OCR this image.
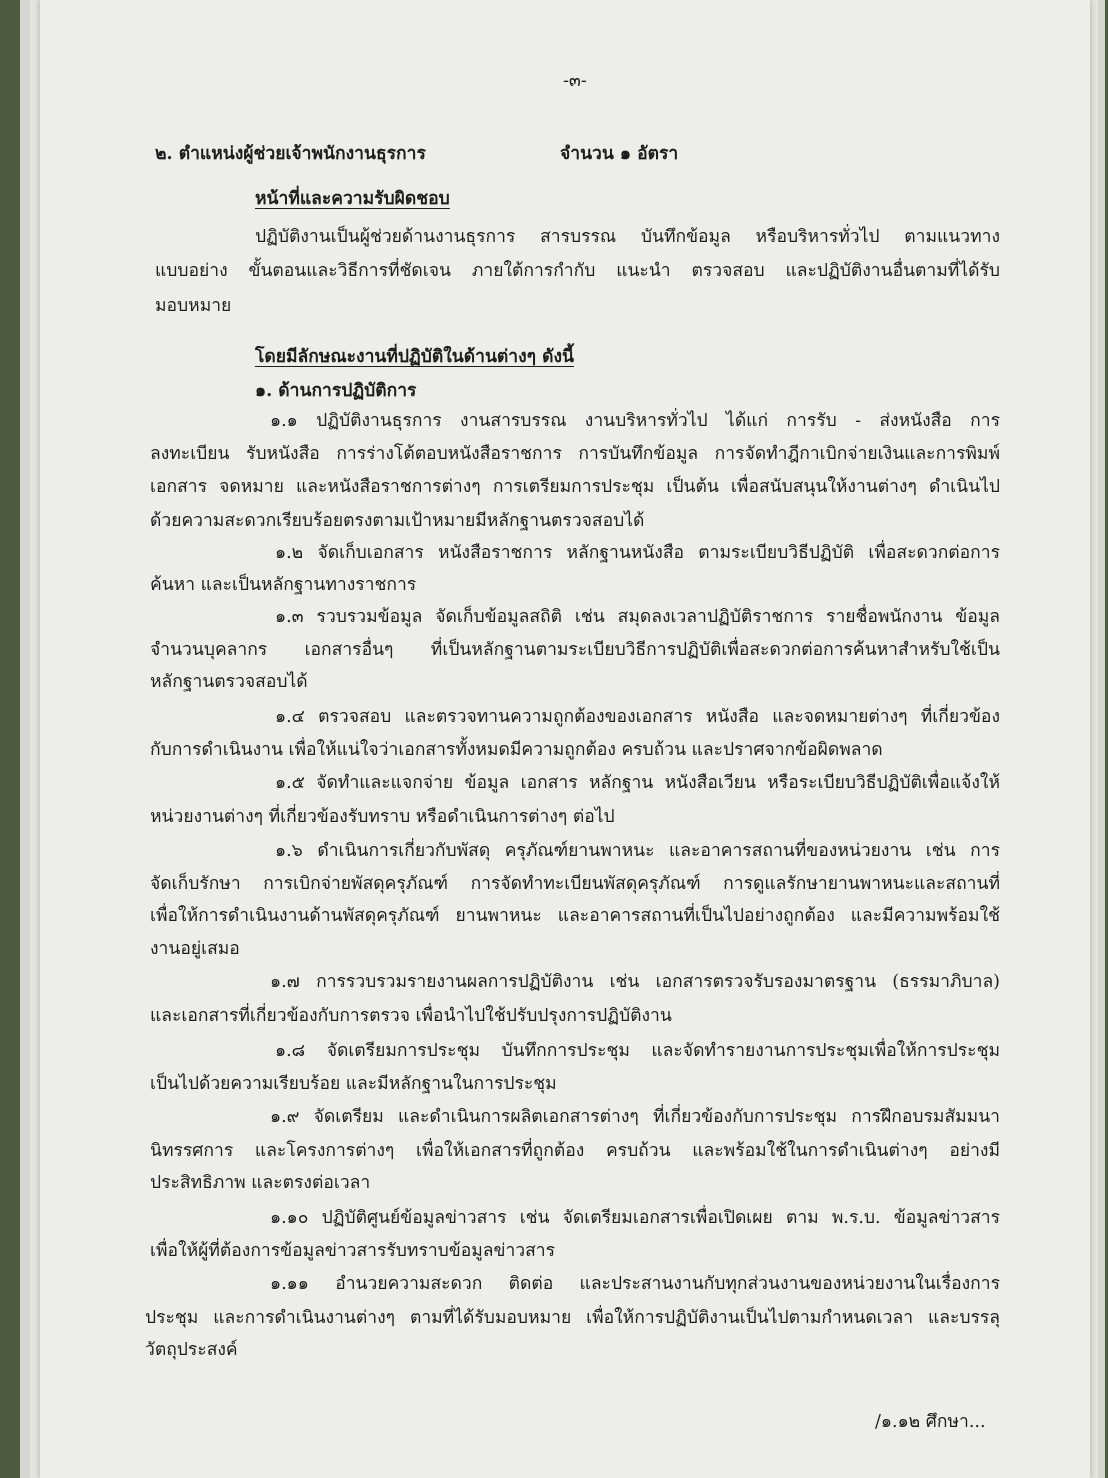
-๓-
๒. ตำแหน่งผู้ช่วยเจ้าพนักงานธุรการ	จำนวน ๑ อัตรา
หน้าที่และความรับผิดชอบ
ปฏิบัติงานเป็นผู้ช่วยด้านงานธุรการ สารบรรณ บันทึกข้อมูล หรือบริหารทั่วไป ตามแนวทาง
แบบอย่าง ขั้นตอนและวิธีการที่ชัดเจน ภายใต้การกำกับ แนะนำ ตรวจสอบ และปฏิบัติงานอื่นตามที่ได้รับ
มอบหมาย
โดยมีลักษณะงานที่ปฏิบัติในด้านต่างๆ ดังนี้
๑. ด้านการปฏิบัติการ
๑.๑ ปฏิบัติงานธุรการ งานสารบรรณ งานบริหารทั่วไป ได้แก่ การรับ - ส่งหนังสือ การ
ลงทะเบียน รับหนังสือ การร่างโต้ตอบหนังสือราชการ การบันทึกข้อมูล การจัดทำฎีกาเบิกจ่ายเงินและการพิมพ์
เอกสาร จดหมาย และหนังสือราชการต่างๆ การเตรียมการประชุม เป็นต้น เพื่อสนับสนุนให้งานต่างๆ ดำเนินไป
ด้วยความสะดวกเรียบร้อยตรงตามเป้าหมายมีหลักฐานตรวจสอบได้
๑.๒ จัดเก็บเอกสาร หนังสือราชการ หลักฐานหนังสือ ตามระเบียบวิธีปฏิบัติ เพื่อสะดวกต่อการ
ค้นหา และเป็นหลักฐานทางราชการ
๑.๓ รวบรวมข้อมูล จัดเก็บข้อมูลสถิติ เช่น สมุดลงเวลาปฏิบัติราชการ รายชื่อพนักงาน ข้อมูล
จำนวนบุคลากร เอกสารอื่นๆ ที่เป็นหลักฐานตามระเบียบวิธีการปฏิบัติเพื่อสะดวกต่อการค้นหาสำหรับใช้เป็น
หลักฐานตรวจสอบได้
๑.๔ ตรวจสอบ และตรวจทานความถูกต้องของเอกสาร หนังสือ และจดหมายต่างๆ ที่เกี่ยวข้อง
กับการดำเนินงาน เพื่อให้แน่ใจว่าเอกสารทั้งหมดมีความถูกต้อง ครบถ้วน และปราศจากข้อผิดพลาด
๑.๕ จัดทำและแจกจ่าย ข้อมูล เอกสาร หลักฐาน หนังสือเวียน หรือระเบียบวิธีปฏิบัติเพื่อแจ้งให้
หน่วยงานต่างๆ ที่เกี่ยวข้องรับทราบ หรือดำเนินการต่างๆ ต่อไป
๑.๖ ดำเนินการเกี่ยวกับพัสดุ ครุภัณฑ์ยานพาหนะ และอาคารสถานที่ของหน่วยงาน เช่น การ
จัดเก็บรักษา การเบิกจ่ายพัสดุครุภัณฑ์ การจัดทำทะเบียนพัสดุครุภัณฑ์ การดูแลรักษายานพาหนะและสถานที่
เพื่อให้การดำเนินงานด้านพัสดุครุภัณฑ์ ยานพาหนะ และอาคารสถานที่เป็นไปอย่างถูกต้อง และมีความพร้อมใช้
งานอยู่เสมอ
๑.๗ การรวบรวมรายงานผลการปฏิบัติงาน เช่น เอกสารตรวจรับรองมาตรฐาน (ธรรมาภิบาล)
และเอกสารที่เกี่ยวข้องกับการตรวจ เพื่อนำไปใช้ปรับปรุงการปฏิบัติงาน
๑.๘ จัดเตรียมการประชุม บันทึกการประชุม และจัดทำรายงานการประชุมเพื่อให้การประชุม
เป็นไปด้วยความเรียบร้อย และมีหลักฐานในการประชุม
๑.๙ จัดเตรียม และดำเนินการผลิตเอกสารต่างๆ ที่เกี่ยวข้องกับการประชุม การฝึกอบรมสัมมนา
นิทรรศการ และโครงการต่างๆ เพื่อให้เอกสารที่ถูกต้อง ครบถ้วน และพร้อมใช้ในการดำเนินต่างๆ อย่างมี
ประสิทธิภาพ และตรงต่อเวลา
๑.๑๐ ปฏิบัติศูนย์ข้อมูลข่าวสาร เช่น จัดเตรียมเอกสารเพื่อเปิดเผย ตาม พ.ร.บ. ข้อมูลข่าวสาร
เพื่อให้ผู้ที่ต้องการข้อมูลข่าวสารรับทราบข้อมูลข่าวสาร
๑.๑๑ อำนวยความสะดวก ติดต่อ และประสานงานกับทุกส่วนงานของหน่วยงานในเรื่องการ
ประชุม และการดำเนินงานต่างๆ ตามที่ได้รับมอบหมาย เพื่อให้การปฏิบัติงานเป็นไปตามกำหนดเวลา และบรรลุ
วัตถุประสงค์
/๑.๑๒ ศึกษา...
